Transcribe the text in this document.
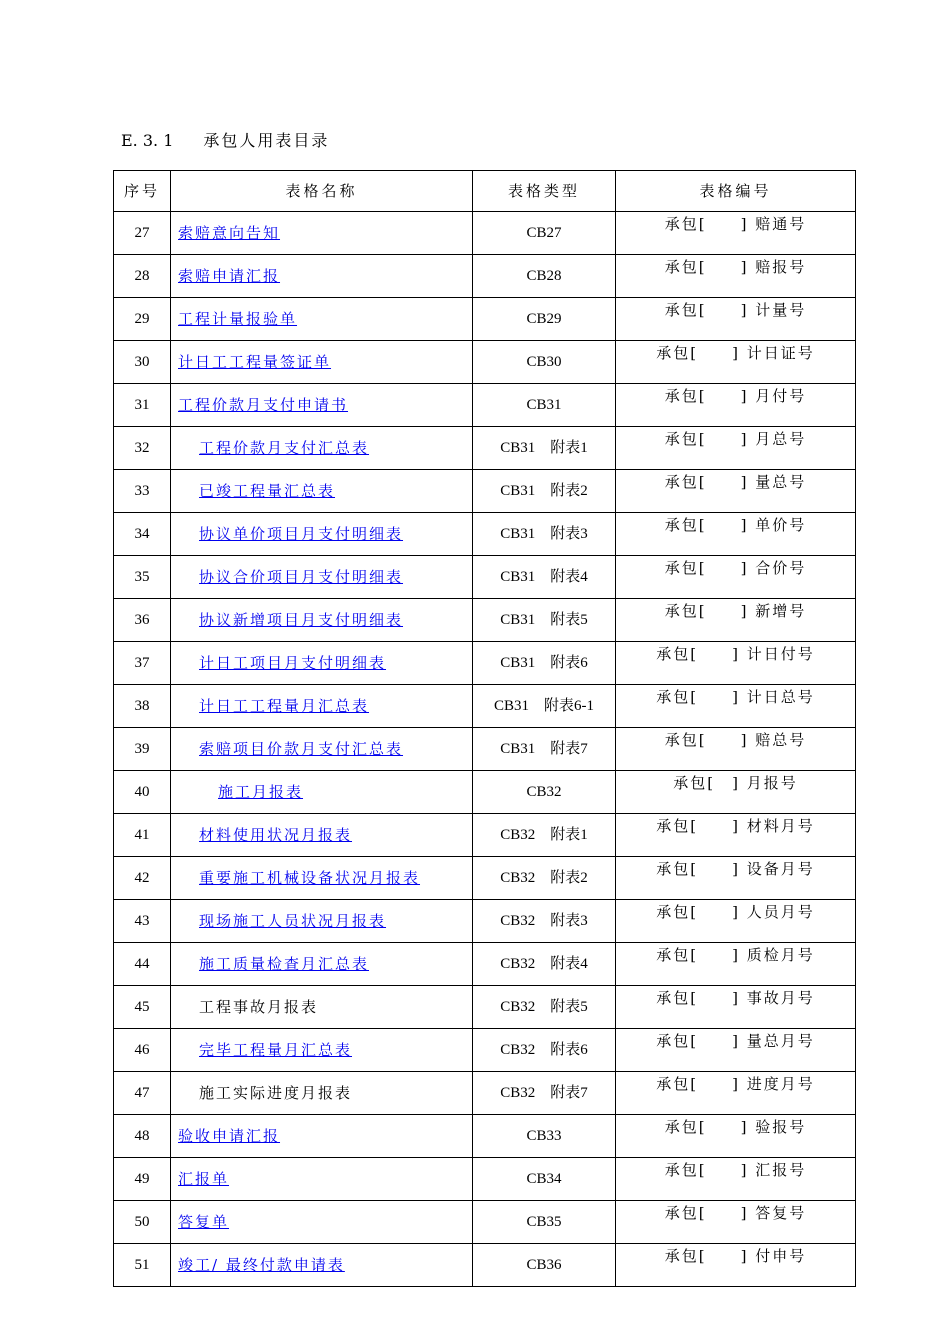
E. 3. 1 承包人用表目录
序号	表格名称	表格类型	表格编号
27	索赔意向告知	CB27	承包[　　] 赔通号

28	索赔申请汇报	CB28	承包[　　] 赔报号

29	工程计量报验单	CB29	承包[　　] 计量号

30	计日工工程量签证单	CB30	承包[　　] 计日证号

31	工程价款月支付申请书	CB31	承包[　　] 月付号

32	工程价款月支付汇总表	CB31　附表1	承包[　　] 月总号

33	已竣工程量汇总表	CB31　附表2	承包[　　] 量总号

34	协议单价项目月支付明细表	CB31　附表3	承包[　　] 单价号

35	协议合价项目月支付明细表	CB31　附表4	承包[　　] 合价号

36	协议新增项目月支付明细表	CB31　附表5	承包[　　] 新增号

37	计日工项目月支付明细表	CB31　附表6	承包[　　] 计日付号

38	计日工工程量月汇总表	CB31　附表6-1	承包[　　] 计日总号

39	索赔项目价款月支付汇总表	CB31　附表7	承包[　　] 赔总号

40	施工月报表	CB32	承包[　] 月报号

41	材料使用状况月报表	CB32　附表1	承包[　　] 材料月号

42	重要施工机械设备状况月报表	CB32　附表2	承包[　　] 设备月号

43	现场施工人员状况月报表	CB32　附表3	承包[　　] 人员月号

44	施工质量检查月汇总表	CB32　附表4	承包[　　] 质检月号

45	工程事故月报表	CB32　附表5	承包[　　] 事故月号

46	完毕工程量月汇总表	CB32　附表6	承包[　　] 量总月号

47	施工实际进度月报表	CB32　附表7	承包[　　] 进度月号

48	验收申请汇报	CB33	承包[　　] 验报号

49	汇报单	CB34	承包[　　] 汇报号

50	答复单	CB35	承包[　　] 答复号

51	竣工/ 最终付款申请表	CB36	承包[　　] 付申号
